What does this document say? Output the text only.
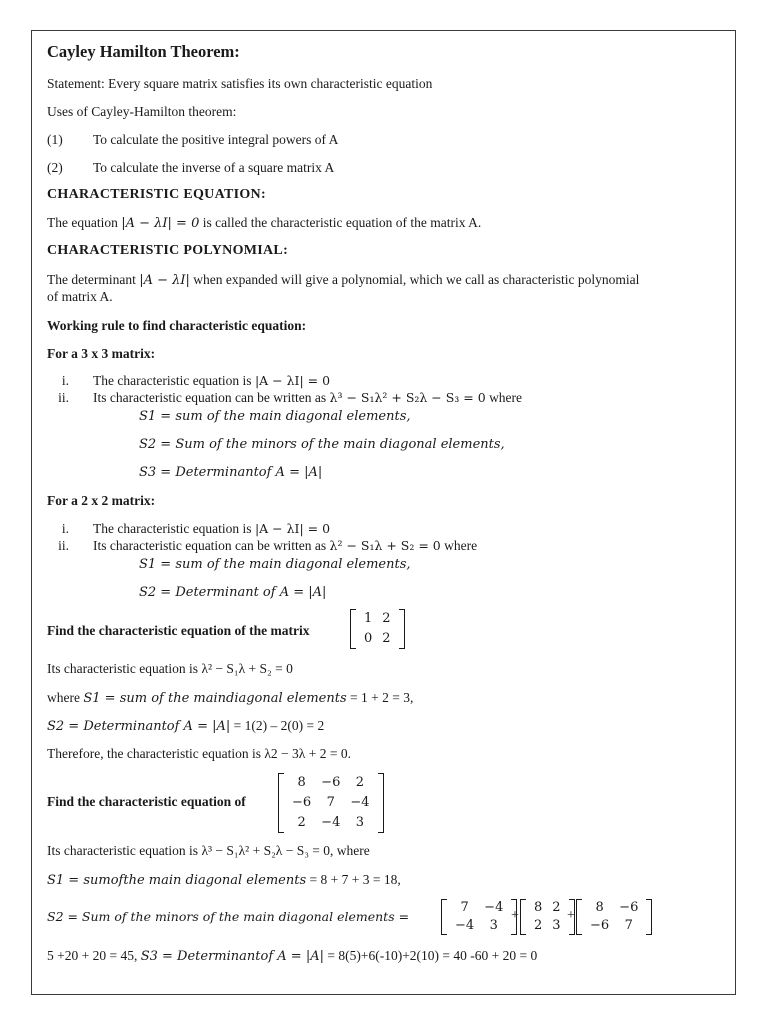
Cayley Hamilton Theorem:
Statement: Every square matrix satisfies its own characteristic equation
Uses of Cayley-Hamilton theorem:
(1) To calculate the positive integral powers of A
(2) To calculate the inverse of a square matrix A
CHARACTERISTIC EQUATION:
The equation |A − λI| = 0 is called the characteristic equation of the matrix A.
CHARACTERISTIC POLYNOMIAL:
The determinant |A − λI| when expanded will give a polynomial, which we call as characteristic polynomial
of matrix A.
Working rule to find characteristic equation:
For a 3 x 3 matrix:
i. The characteristic equation is |A − λI| = 0
ii. Its characteristic equation can be written as λ³ − S₁λ² + S₂λ − S₃ = 0 where
S1 = sum of the main diagonal elements,
S2 = Sum of the minors of the main diagonal elements,
S3 = Determinantof A = |A|
For a 2 x 2 matrix:
i. The characteristic equation is |A − λI| = 0
ii. Its characteristic equation can be written as λ² − S₁λ + S₂ = 0 where
S1 = sum of the main diagonal elements,
S2 = Determinant of A = |A|
Find the characteristic equation of the matrix
1 2
0 2
Its characteristic equation is λ² − S₁λ + S₂ = 0
where S1 = sum of the maindiagonal elements = 1 + 2 = 3,
S2 = Determinantof A = |A| = 1(2) – 2(0) = 2
Therefore, the characteristic equation is λ2 − 3λ + 2 = 0.
Find the characteristic equation of
8	−6	2
−6	7	−4
2	−4	3
Its characteristic equation is λ³ − S₁λ² + S₂λ − S₃ = 0, where
S1 = sumofthe main diagonal elements = 8 + 7 + 3 = 18,
S2 = Sum of the minors of the main diagonal elements =
7	−4
−4	3
+
8 2
2 3
+
8	−6
−6	7
5 +20 + 20 = 45, S3 = Determinantof A = |A| = 8(5)+6(-10)+2(10) = 40 -60 + 20 = 0
